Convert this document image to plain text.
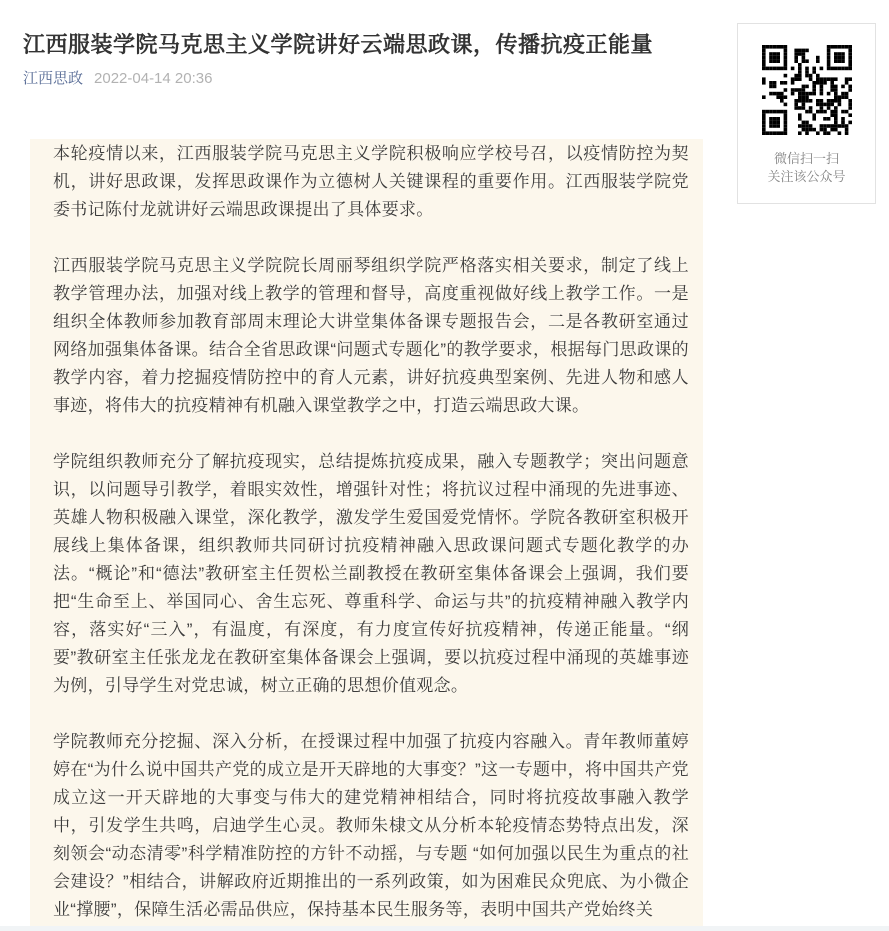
江西服装学院马克思主义学院讲好云端思政课，传播抗疫正能量
江西思政 2022-04-14 20:36

本轮疫情以来，江西服装学院马克思主义学院积极响应学校号召，以疫情防控为契机，讲好思政课，发挥思政课作为立德树人关键课程的重要作用。江西服装学院党委书记陈付龙就讲好云端思政课提出了具体要求。

江西服装学院马克思主义学院院长周丽琴组织学院严格落实相关要求，制定了线上教学管理办法，加强对线上教学的管理和督导，高度重视做好线上教学工作。一是组织全体教师参加教育部周末理论大讲堂集体备课专题报告会，二是各教研室通过网络加强集体备课。结合全省思政课“问题式专题化”的教学要求，根据每门思政课的教学内容，着力挖掘疫情防控中的育人元素，讲好抗疫典型案例、先进人物和感人事迹，将伟大的抗疫精神有机融入课堂教学之中，打造云端思政大课。

学院组织教师充分了解抗疫现实，总结提炼抗疫成果，融入专题教学；突出问题意识，以问题导引教学，着眼实效性，增强针对性；将抗议过程中涌现的先进事迹、英雄人物积极融入课堂，深化教学，激发学生爱国爱党情怀。学院各教研室积极开展线上集体备课，组织教师共同研讨抗疫精神融入思政课问题式专题化教学的办法。“概论”和“德法”教研室主任贺松兰副教授在教研室集体备课会上强调，我们要把“生命至上、举国同心、舍生忘死、尊重科学、命运与共”的抗疫精神融入教学内容，落实好“三入”，有温度，有深度，有力度宣传好抗疫精神，传递正能量。“纲要”教研室主任张龙龙在教研室集体备课会上强调，要以抗疫过程中涌现的英雄事迹为例，引导学生对党忠诚，树立正确的思想价值观念。

学院教师充分挖掘、深入分析，在授课过程中加强了抗疫内容融入。青年教师董婷婷在“为什么说中国共产党的成立是开天辟地的大事变？”这一专题中，将中国共产党成立这一开天辟地的大事变与伟大的建党精神相结合，同时将抗疫故事融入教学中，引发学生共鸣，启迪学生心灵。教师朱棣文从分析本轮疫情态势特点出发，深刻领会“动态清零”科学精准防控的方针不动摇，与专题 “如何加强以民生为重点的社会建设？”相结合，讲解政府近期推出的一系列政策，如为困难民众兜底、为小微企业“撑腰”，保障生活必需品供应，保持基本民生服务等，表明中国共产党始终关

微信扫一扫
关注该公众号
